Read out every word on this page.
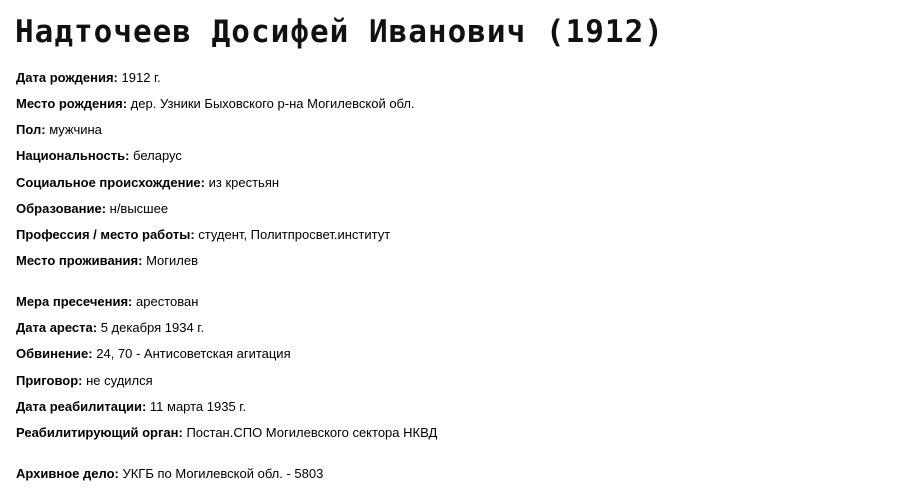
Надточеев Досифей Иванович (1912)
Дата рождения: 1912 г.
Место рождения: дер. Узники Быховского р-на Могилевской обл.
Пол: мужчина
Национальность: беларус
Социальное происхождение: из крестьян
Образование: н/высшее
Профессия / место работы: студент, Политпросвет.институт
Место проживания: Могилев
Мера пресечения: арестован
Дата ареста: 5 декабря 1934 г.
Обвинение: 24, 70 - Антисоветская агитация
Приговор: не судился
Дата реабилитации: 11 марта 1935 г.
Реабилитирующий орган: Постан.СПО Могилевского сектора НКВД
Архивное дело: УКГБ по Могилевской обл. - 5803
